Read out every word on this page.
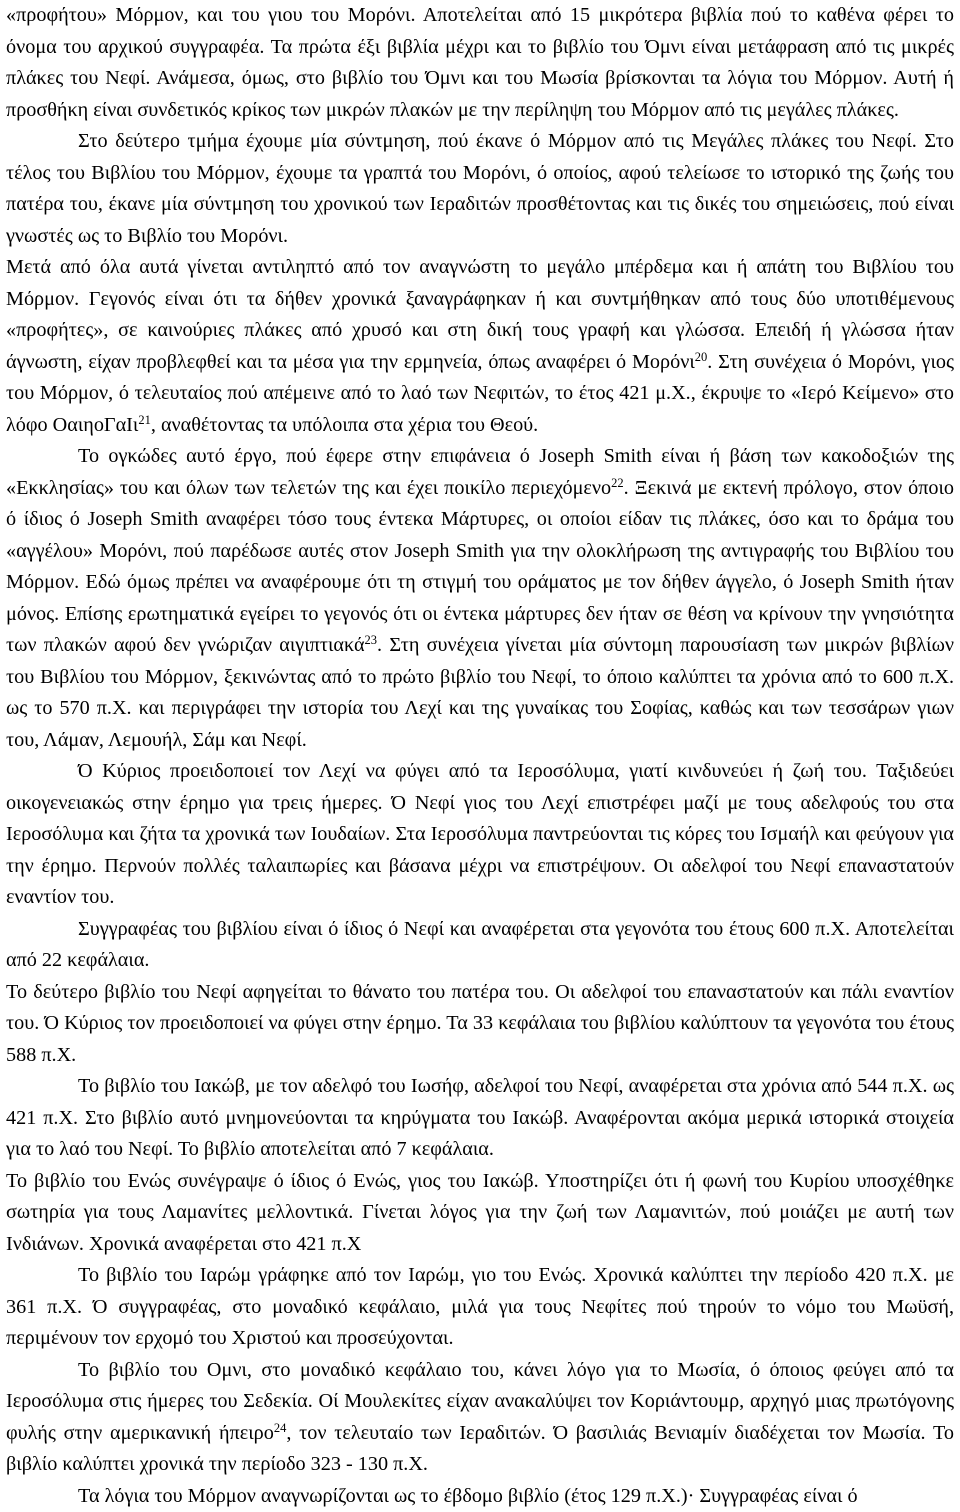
«προφήτου» Μόρμον, και του γιου του Μορόνι. Αποτελείται από 15 μικρότερα βιβλία πού το καθένα φέρει το όνομα του αρχικού συγγραφέα. Τα πρώτα έξι βιβλία μέχρι και το βιβλίο του Όμνι είναι μετάφραση από τις μικρές πλάκες του Νεφί. Ανάμεσα, όμως, στο βιβλίο του Όμνι και του Μωσία βρίσκονται τα λόγια του Μόρμον. Αυτή ή προσθήκη είναι συνδετικός κρίκος των μικρών πλακών με την περίληψη του Μόρμον από τις μεγάλες πλάκες.

Στο δεύτερο τμήμα έχουμε μία σύντμηση, πού έκανε ό Μόρμον από τις Μεγάλες πλάκες του Νεφί. Στο τέλος του Βιβλίου του Μόρμον, έχουμε τα γραπτά του Μορόνι, ό οποίος, αφού τελείωσε το ιστορικό της ζωής του πατέρα του, έκανε μία σύντμηση του χρονικού των Ιεραδιτών προσθέτοντας και τις δικές του σημειώσεις, πού είναι γνωστές ως το Βιβλίο του Μορόνι.

Μετά από όλα αυτά γίνεται αντιληπτό από τον αναγνώστη το μεγάλο μπέρδεμα και ή απάτη του Βιβλίου του Μόρμον. Γεγονός είναι ότι τα δήθεν χρονικά ξαναγράφηκαν ή και συντμήθηκαν από τους δύο υποτιθέμενους «προφήτες», σε καινούριες πλάκες από χρυσό και στη δική τους γραφή και γλώσσα. Επειδή ή γλώσσα ήταν άγνωστη, είχαν προβλεφθεί και τα μέσα για την ερμηνεία, όπως αναφέρει ό Μορόνι$^{20}$. Στη συνέχεια ό Μορόνι, γιος του Μόρμον, ό τελευταίος πού απέμεινε από το λαό των Νεφιτών, το έτος 421 μ.Χ., έκρυψε το «Ιερό Κείμενο» στο λόφο ΟαιηοΓαΙι$^{21}$, αναθέτοντας τα υπόλοιπα στα χέρια του Θεού.

Το ογκώδες αυτό έργο, πού έφερε στην επιφάνεια ό Joseph Smith είναι ή βάση των κακοδοξιών της «Εκκλησίας» του και όλων των τελετών της και έχει ποικίλο περιεχόμενο$^{22}$. Ξεκινά με εκτενή πρόλογο, στον όποιο ό ίδιος ό Joseph Smith αναφέρει τόσο τους έντεκα Μάρτυρες, οι οποίοι είδαν τις πλάκες, όσο και το δράμα του «αγγέλου» Μορόνι, πού παρέδωσε αυτές στον Joseph Smith για την ολοκλήρωση της αντιγραφής του Βιβλίου του Μόρμον. Εδώ όμως πρέπει να αναφέρουμε ότι τη στιγμή του οράματος με τον δήθεν άγγελο, ό Joseph Smith ήταν μόνος. Επίσης ερωτηματικά εγείρει το γεγονός ότι οι έντεκα μάρτυρες δεν ήταν σε θέση να κρίνουν την γνησιότητα των πλακών αφού δεν γνώριζαν αιγιπτιακά$^{23}$. Στη συνέχεια γίνεται μία σύντομη παρουσίαση των μικρών βιβλίων του Βιβλίου του Μόρμον, ξεκινώντας από το πρώτο βιβλίο του Νεφί, το όποιο καλύπτει τα χρόνια από το 600 π.Χ. ως το 570 π.Χ. και περιγράφει την ιστορία του Λεχί και της γυναίκας του Σοφίας, καθώς και των τεσσάρων γιων του, Λάμαν, Λεμουήλ, Σάμ και Νεφί.

Ό Κύριος προειδοποιεί τον Λεχί να φύγει από τα Ιεροσόλυμα, γιατί κινδυνεύει ή ζωή του. Ταξιδεύει οικογενειακώς στην έρημο για τρεις ήμερες. Ό Νεφί γιος του Λεχί επιστρέφει μαζί με τους αδελφούς του στα Ιεροσόλυμα και ζήτα τα χρονικά των Ιουδαίων. Στα Ιεροσόλυμα παντρεύονται τις κόρες του Ισμαήλ και φεύγουν για την έρημο. Περνούν πολλές ταλαιπωρίες και βάσανα μέχρι να επιστρέψουν. Οι αδελφοί του Νεφί επαναστατούν εναντίον του.

Συγγραφέας του βιβλίου είναι ό ίδιος ό Νεφί και αναφέρεται στα γεγονότα του έτους 600 π.Χ. Αποτελείται από 22 κεφάλαια.

Το δεύτερο βιβλίο του Νεφί αφηγείται το θάνατο του πατέρα του. Οι αδελφοί του επαναστατούν και πάλι εναντίον του. Ό Κύριος τον προειδοποιεί να φύγει στην έρημο. Τα 33 κεφάλαια του βιβλίου καλύπτουν τα γεγονότα του έτους 588 π.Χ.

Το βιβλίο του Ιακώβ, με τον αδελφό του Ιωσήφ, αδελφοί του Νεφί, αναφέρεται στα χρόνια από 544 π.Χ. ως 421 π.Χ. Στο βιβλίο αυτό μνημονεύονται τα κηρύγματα του Ιακώβ. Αναφέρονται ακόμα μερικά ιστορικά στοιχεία για το λαό του Νεφί. Το βιβλίο αποτελείται από 7 κεφάλαια.

Το βιβλίο του Ενώς συνέγραψε ό ίδιος ό Ενώς, γιος του Ιακώβ. Υποστηρίζει ότι ή φωνή του Κυρίου υποσχέθηκε σωτηρία για τους Λαμανίτες μελλοντικά. Γίνεται λόγος για την ζωή των Λαμανιτών, πού μοιάζει με αυτή των Ινδιάνων. Χρονικά αναφέρεται στο 421 π.Χ

Το βιβλίο του Ιαρώμ γράφηκε από τον Ιαρώμ, γιο του Ενώς. Χρονικά καλύπτει την περίοδο 420 π.Χ. με 361 π.Χ. Ό συγγραφέας, στο μοναδικό κεφάλαιο, μιλά για τους Νεφίτες πού τηρούν το νόμο του Μωϋσή, περιμένουν τον ερχομό του Χριστού και προσεύχονται.

Το βιβλίο του Ομνι, στο μοναδικό κεφάλαιο του, κάνει λόγο για το Μωσία, ό όποιος φεύγει από τα Ιεροσόλυμα στις ήμερες του Σεδεκία. Οί Μουλεκίτες είχαν ανακαλύψει τον Κοριάντουμρ, αρχηγό μιας πρωτόγονης φυλής στην αμερικανική ήπειρο$^{24}$, τον τελευταίο των Ιεραδιτών. Ό βασιλιάς Βενιαμίν διαδέχεται τον Μωσία. Το βιβλίο καλύπτει χρονικά την περίοδο 323 - 130 π.Χ.

Τα λόγια του Μόρμον αναγνωρίζονται ως το έβδομο βιβλίο (έτος 129 π.Χ.)· Συγγραφέας είναι ό
